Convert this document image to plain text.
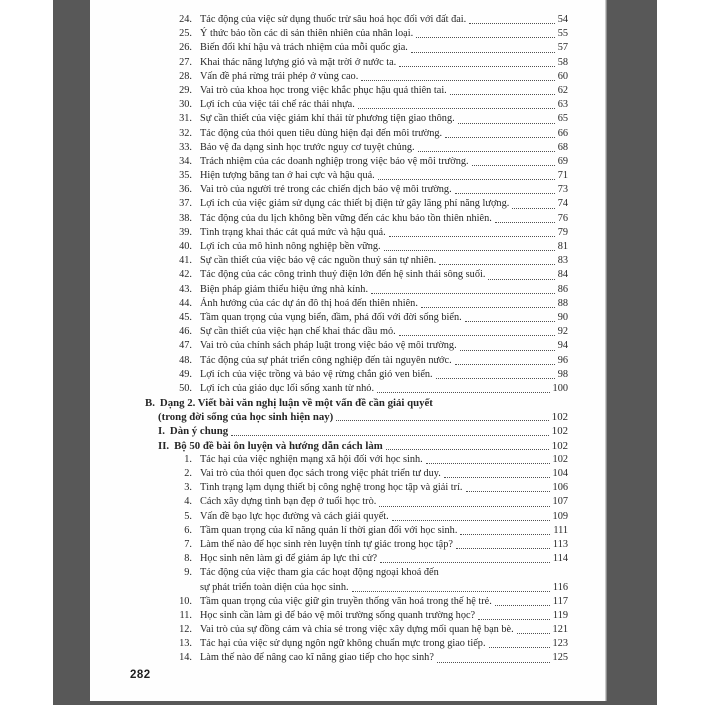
24. Tác động của việc sử dụng thuốc trừ sâu hoá học đối với đất đai.	54
25. Ý thức bảo tồn các di sản thiên nhiên của nhân loại.	55
26. Biến đổi khí hậu và trách nhiệm của mỗi quốc gia.	57
27. Khai thác năng lượng gió và mặt trời ở nước ta.	58
28. Vấn đề phá rừng trái phép ở vùng cao.	60
29. Vai trò của khoa học trong việc khắc phục hậu quả thiên tai.	62
30. Lợi ích của việc tái chế rác thải nhựa.	63
31. Sự cần thiết của việc giảm khí thải từ phương tiện giao thông.	65
32. Tác động của thói quen tiêu dùng hiện đại đến môi trường.	66
33. Bảo vệ đa dạng sinh học trước nguy cơ tuyệt chủng.	68
34. Trách nhiệm của các doanh nghiệp trong việc bảo vệ môi trường.	69
35. Hiện tượng băng tan ở hai cực và hậu quả.	71
36. Vai trò của người trẻ trong các chiến dịch bảo vệ môi trường.	73
37. Lợi ích của việc giảm sử dụng các thiết bị điện tử gây lãng phí năng lượng.	74
38. Tác động của du lịch không bền vững đến các khu bảo tồn thiên nhiên.	76
39. Tình trạng khai thác cát quá mức và hậu quả.	79
40. Lợi ích của mô hình nông nghiệp bền vững.	81
41. Sự cần thiết của việc bảo vệ các nguồn thuỷ sản tự nhiên.	83
42. Tác động của các công trình thuỷ điện lớn đến hệ sinh thái sông suối.	84
43. Biện pháp giảm thiểu hiệu ứng nhà kính.	86
44. Ảnh hưởng của các dự án đô thị hoá đến thiên nhiên.	88
45. Tầm quan trọng của vụng biển, đầm, phá đối với đời sống biển.	90
46. Sự cần thiết của việc hạn chế khai thác dầu mỏ.	92
47. Vai trò của chính sách pháp luật trong việc bảo vệ môi trường.	94
48. Tác động của sự phát triển công nghiệp đến tài nguyên nước.	96
49. Lợi ích của việc trồng và bảo vệ rừng chắn gió ven biển.	98
50. Lợi ích của giáo dục lối sống xanh từ nhỏ.	100
B. Dạng 2. Viết bài văn nghị luận về một vấn đề cần giải quyết
(trong đời sống của học sinh hiện nay)	102
I. Dàn ý chung	102
II. Bộ 50 đề bài ôn luyện và hướng dẫn cách làm	102
1. Tác hại của việc nghiện mạng xã hội đối với học sinh.	102
2. Vai trò của thói quen đọc sách trong việc phát triển tư duy.	104
3. Tình trạng lạm dụng thiết bị công nghệ trong học tập và giải trí.	106
4. Cách xây dựng tình bạn đẹp ở tuổi học trò.	107
5. Vấn đề bạo lực học đường và cách giải quyết.	109
6. Tầm quan trọng của kĩ năng quản lí thời gian đối với học sinh.	111
7. Làm thế nào để học sinh rèn luyện tính tự giác trong học tập?	113
8. Học sinh nên làm gì để giảm áp lực thi cử?	114
9. Tác động của việc tham gia các hoạt động ngoại khoá đến
sự phát triển toàn diện của học sinh.	116
10. Tầm quan trọng của việc giữ gìn truyền thống văn hoá trong thế hệ trẻ.	117
11. Học sinh cần làm gì để bảo vệ môi trường sống quanh trường học?	119
12. Vai trò của sự đồng cảm và chia sẻ trong việc xây dựng mối quan hệ bạn bè.	121
13. Tác hại của việc sử dụng ngôn ngữ không chuẩn mực trong giao tiếp.	123
14. Làm thế nào để nâng cao kĩ năng giao tiếp cho học sinh?	125
282
